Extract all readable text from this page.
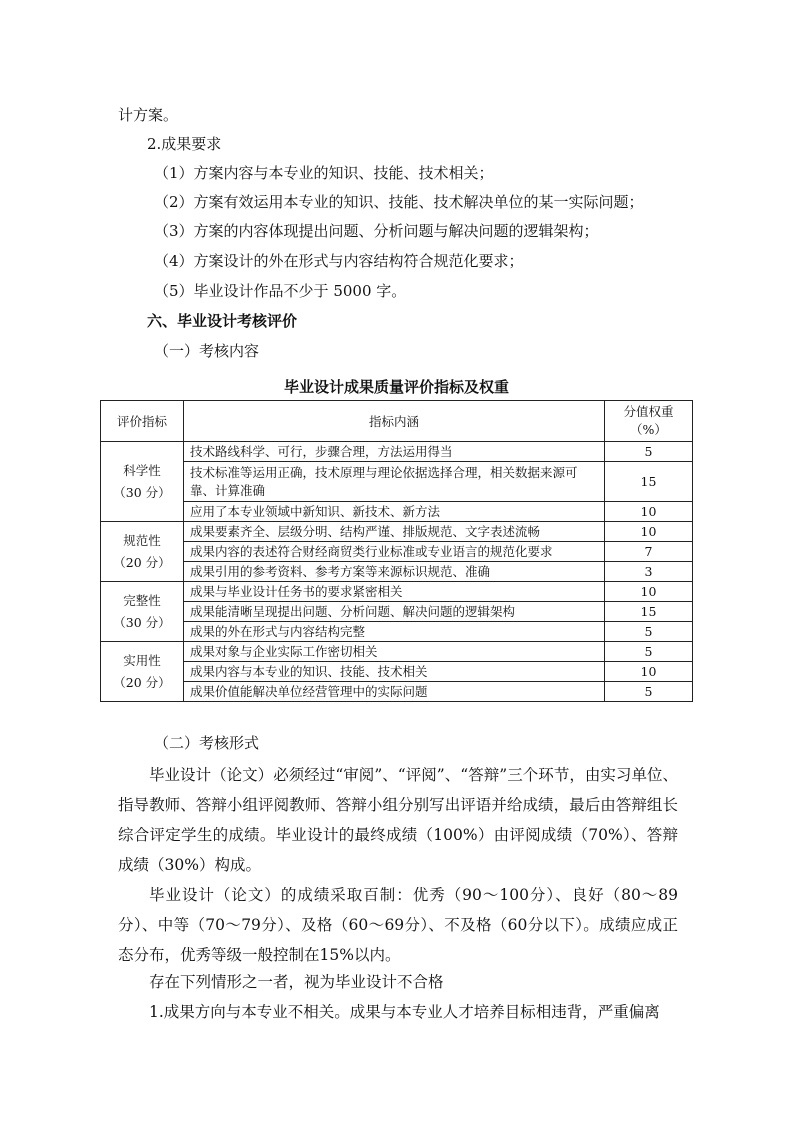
计方案。
2.成果要求
（1）方案内容与本专业的知识、技能、技术相关；
（2）方案有效运用本专业的知识、技能、技术解决单位的某一实际问题；
（3）方案的内容体现提出问题、分析问题与解决问题的逻辑架构；
（4）方案设计的外在形式与内容结构符合规范化要求；
（5）毕业设计作品不少于 5000 字。
六、毕业设计考核评价
（一）考核内容
毕业设计成果质量评价指标及权重
评价指标	指标内涵	分值权重
（%）
科学性
（30 分）	技术路线科学、可行，步骤合理，方法运用得当	5
	技术标准等运用正确，技术原理与理论依据选择合理，相关数据来源可靠、计算准确	15
	应用了本专业领域中新知识、新技术、新方法	10
规范性
（20 分）	成果要素齐全、层级分明、结构严谨、排版规范、文字表述流畅	10
	成果内容的表述符合财经商贸类行业标准或专业语言的规范化要求	7
	成果引用的参考资料、参考方案等来源标识规范、准确	3
完整性
（30 分）	成果与毕业设计任务书的要求紧密相关	10
	成果能清晰呈现提出问题、分析问题、解决问题的逻辑架构	15
	成果的外在形式与内容结构完整	5
实用性
（20 分）	成果对象与企业实际工作密切相关	5
	成果内容与本专业的知识、技能、技术相关	10
	成果价值能解决单位经营管理中的实际问题	5
（二）考核形式
毕业设计（论文）必须经过“审阅”、“评阅”、“答辩”三个环节，由实习单位、指导教师、答辩小组评阅教师、答辩小组分别写出评语并给成绩，最后由答辩组长综合评定学生的成绩。毕业设计的最终成绩（100%）由评阅成绩（70%）、答辩成绩（30%）构成。
毕业设计（论文）的成绩采取百制：优秀（90～100分）、良好（80～89分）、中等（70～79分）、及格（60～69分）、不及格（60分以下）。成绩应成正态分布，优秀等级一般控制在15%以内。
存在下列情形之一者，视为毕业设计不合格
1.成果方向与本专业不相关。成果与本专业人才培养目标相违背，严重偏离
